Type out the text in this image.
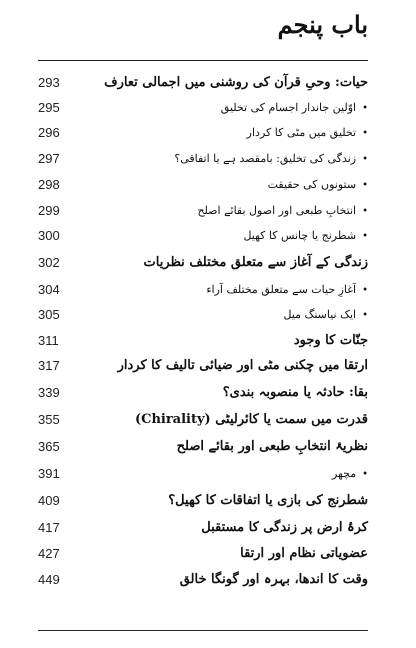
باب پنجم
293	حیات: وحیِ قرآن کی روشنی میں اجمالی تعارف
295	•اوّلین جاندار اجسام کی تخلیق
296	•تخلیق میں مٹی کا کردار
297	•زندگی کی تخلیق: بامقصد ہے یا اتفاقی؟
298	•ستونوں کی حقیقت
299	•انتخابِ طبعی اور اصول بقائے اصلح
300	•شطرنج یا چانس کا کھیل
302	زندگی کے آغاز سے متعلق مختلف نظریات
304	•آغازِ حیات سے متعلق مختلف آراء
305	•ایک نیاسنگ میل
311	جنّات کا وجود
317	ارتقا میں چکنی مٹی اور ضیائی تالیف کا کردار
339	بقا: حادثہ یا منصوبہ بندی؟
355	قدرت میں سمت یا کائرلیٹی (Chirality)
365	نظریۂ انتخابِ طبعی اور بقائے اصلح
391	•مچھر
409	شطرنج کی بازی یا اتفاقات کا کھیل؟
417	کرۂ ارض پر زندگی کا مستقبل
427	عضویاتی نظام اور ارتقا
449	وقت کا اندھا، بہرہ اور گونگا خالق
